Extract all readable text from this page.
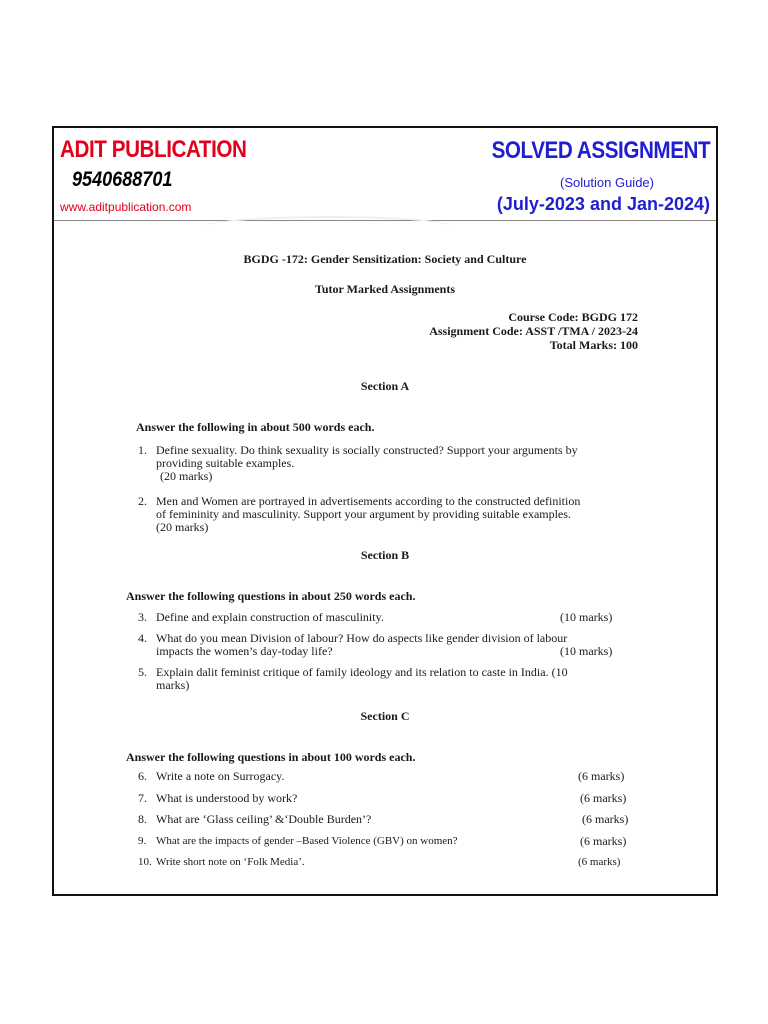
ADIT PUBLICATION
9540688701
www.aditpublication.com
SOLVED ASSIGNMENT
(Solution Guide)
(July-2023 and Jan-2024)
BGDG -172: Gender Sensitization: Society and Culture
Tutor Marked Assignments
Course Code: BGDG 172
Assignment Code: ASST /TMA / 2023-24
Total Marks: 100
Section A
Answer the following in about 500 words each.
1. Define sexuality. Do think sexuality is socially constructed? Support your arguments by
providing suitable examples.
(20 marks)
2. Men and Women are portrayed in advertisements according to the constructed definition
of femininity and masculinity. Support your argument by providing suitable examples.
(20 marks)
Section B
Answer the following questions in about 250 words each.
3. Define and explain construction of masculinity.	(10 marks)
4. What do you mean Division of labour? How do aspects like gender division of labour
impacts the women’s day-today life?	(10 marks)
5. Explain dalit feminist critique of family ideology and its relation to caste in India. (10
marks)
Section C
Answer the following questions in about 100 words each.
6. Write a note on Surrogacy.	(6 marks)
7. What is understood by work?	(6 marks)
8. What are ‘Glass ceiling’ &‘Double Burden’?	(6 marks)
9. What are the impacts of gender –Based Violence (GBV) on women?	(6 marks)
10. Write short note on ‘Folk Media’.	(6 marks)
